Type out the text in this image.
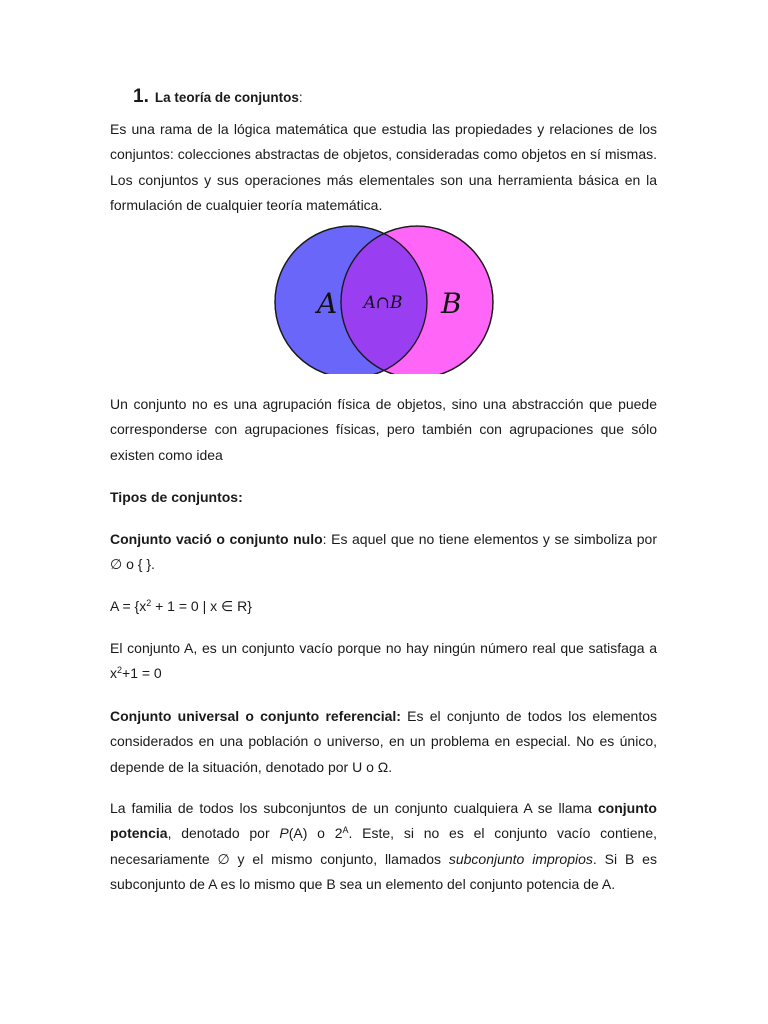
1. La teoría de conjuntos:

Es una rama de la lógica matemática que estudia las propiedades y relaciones de los conjuntos: colecciones abstractas de objetos, consideradas como objetos en sí mismas. Los conjuntos y sus operaciones más elementales son una herramienta básica en la formulación de cualquier teoría matemática.

A A∩B B

Un conjunto no es una agrupación física de objetos, sino una abstracción que puede corresponderse con agrupaciones físicas, pero también con agrupaciones que sólo existen como idea

Tipos de conjuntos:

Conjunto vació o conjunto nulo: Es aquel que no tiene elementos y se simboliza por ∅ o { }.

$A = \{x^2 + 1 = 0$ | x ∈ R}

El conjunto A, es un conjunto vacío porque no hay ningún número real que satisfaga a $x^2+1 = 0$

Conjunto universal o conjunto referencial: Es el conjunto de todos los elementos considerados en una población o universo, en un problema en especial. No es único, depende de la situación, denotado por U o Ω.

La familia de todos los subconjuntos de un conjunto cualquiera A se llama conjunto potencia, denotado por P(A) o $2^A$. Este, si no es el conjunto vacío contiene, necesariamente ∅ y el mismo conjunto, llamados subconjunto impropios. Si B es subconjunto de A es lo mismo que B sea un elemento del conjunto potencia de A.
